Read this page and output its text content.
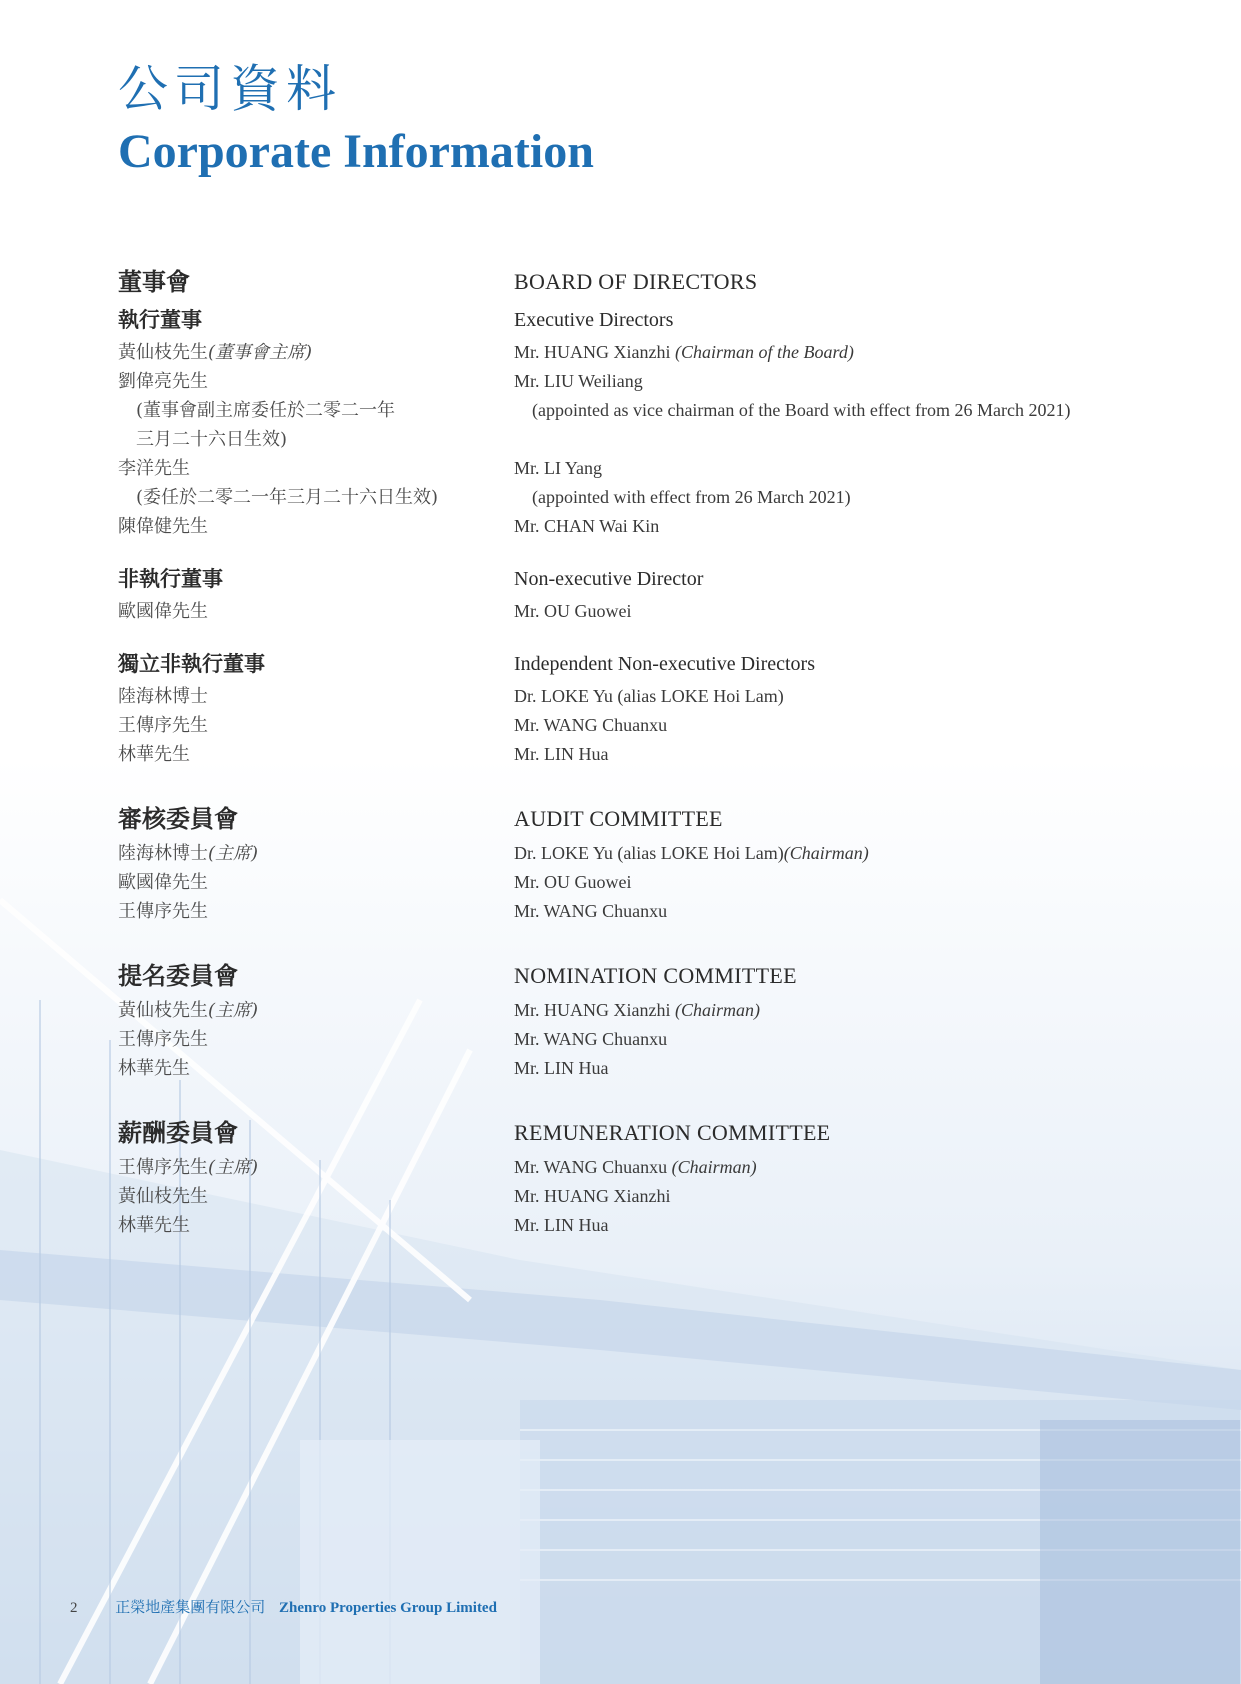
公司資料
Corporate Information
董事會
執行董事
黃仙枝先生(董事會主席)
劉偉亮先生
(董事會副主席委任於二零二一年
三月二十六日生效)
李洋先生
(委任於二零二一年三月二十六日生效)
陳偉健先生
非執行董事
歐國偉先生
獨立非執行董事
陸海林博士
王傳序先生
林華先生
審核委員會
陸海林博士(主席)
歐國偉先生
王傳序先生
提名委員會
黃仙枝先生(主席)
王傳序先生
林華先生
薪酬委員會
王傳序先生(主席)
黃仙枝先生
林華先生
BOARD OF DIRECTORS
Executive Directors
Mr. HUANG Xianzhi (Chairman of the Board)
Mr. LIU Weiliang
(appointed as vice chairman of the Board with effect from 26 March 2021)
Mr. LI Yang
(appointed with effect from 26 March 2021)
Mr. CHAN Wai Kin
Non-executive Director
Mr. OU Guowei
Independent Non-executive Directors
Dr. LOKE Yu (alias LOKE Hoi Lam)
Mr. WANG Chuanxu
Mr. LIN Hua
AUDIT COMMITTEE
Dr. LOKE Yu (alias LOKE Hoi Lam)(Chairman)
Mr. OU Guowei
Mr. WANG Chuanxu
NOMINATION COMMITTEE
Mr. HUANG Xianzhi (Chairman)
Mr. WANG Chuanxu
Mr. LIN Hua
REMUNERATION COMMITTEE
Mr. WANG Chuanxu (Chairman)
Mr. HUANG Xianzhi
Mr. LIN Hua
2	正榮地產集團有限公司 Zhenro Properties Group Limited
